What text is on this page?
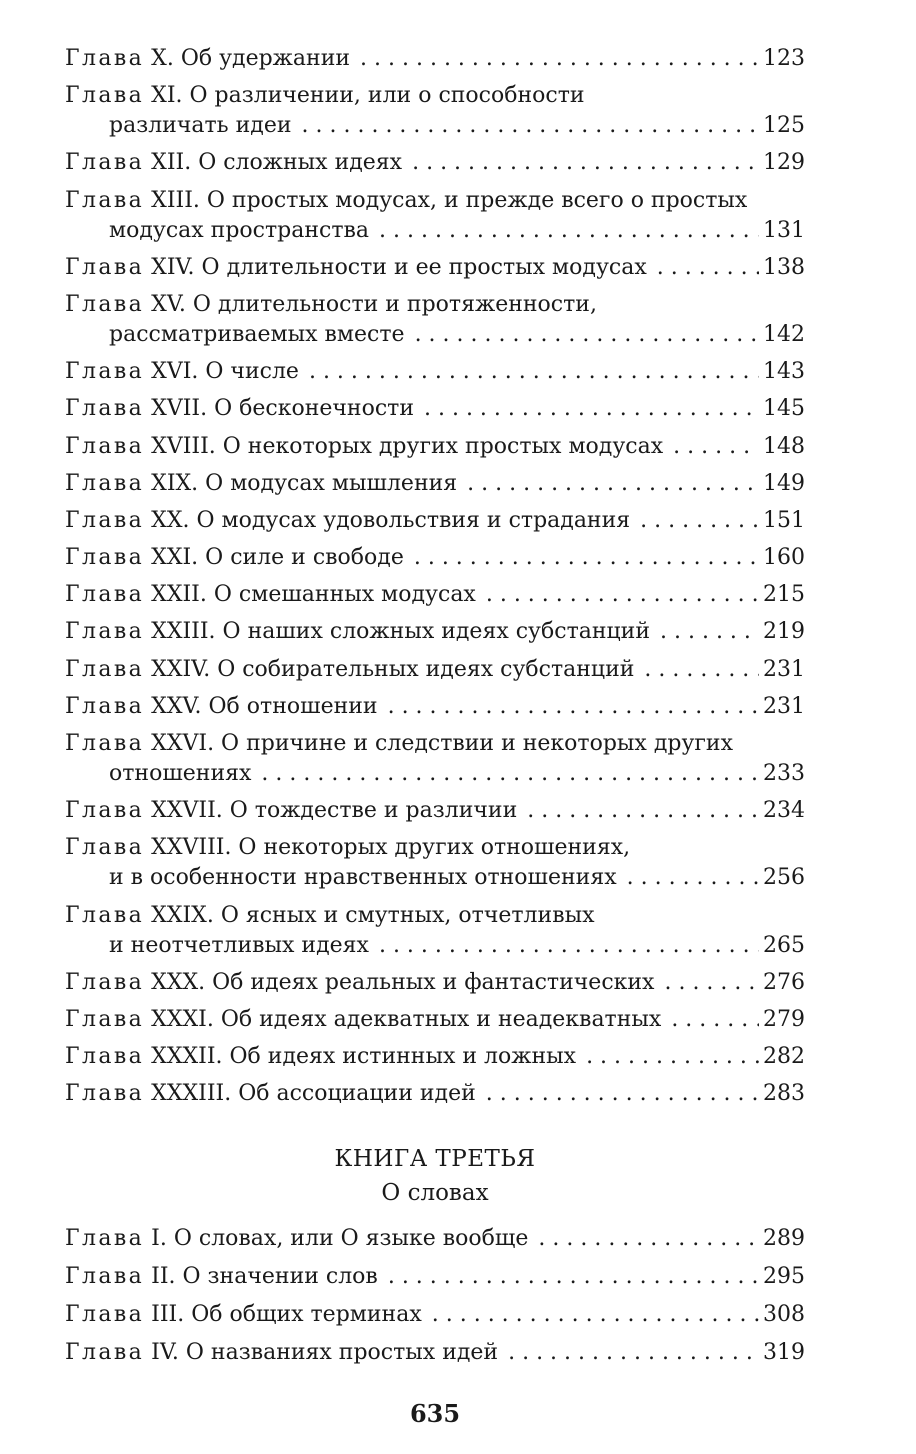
Глава X. Об удержании . . .	123
Глава XI. О различении, или о способности
различать идеи . . .	125
Глава XII. О сложных идеях . . .	129
Глава XIII. О простых модусах, и прежде всего о простых
модусах пространства . . .	131
Глава XIV. О длительности и ее простых модусах . . .	138
Глава XV. О длительности и протяженности,
рассматриваемых вместе . . .	142
Глава XVI. О числе . . .	143
Глава XVII. О бесконечности . . .	145
Глава XVIII. О некоторых других простых модусах . . .	148
Глава XIX. О модусах мышления . . .	149
Глава XX. О модусах удовольствия и страдания . . .	151
Глава XXI. О силе и свободе . . .	160
Глава XXII. О смешанных модусах . . .	215
Глава XXIII. О наших сложных идеях субстанций . . .	219
Глава XXIV. О собирательных идеях субстанций . . .	231
Глава XXV. Об отношении . . .	231
Глава XXVI. О причине и следствии и некоторых других
отношениях . . .	233
Глава XXVII. О тождестве и различии . . .	234
Глава XXVIII. О некоторых других отношениях,
и в особенности нравственных отношениях . . .	256
Глава XXIX. О ясных и смутных, отчетливых
и неотчетливых идеях . . .	265
Глава XXX. Об идеях реальных и фантастических . . .	276
Глава XXXI. Об идеях адекватных и неадекватных . . .	279
Глава XXXII. Об идеях истинных и ложных . . .	282
Глава XXXIII. Об ассоциации идей . . .	283
КНИГА ТРЕТЬЯ
О словах
Глава I. О словах, или О языке вообще . . .	289
Глава II. О значении слов . . .	295
Глава III. Об общих терминах . . .	308
Глава IV. О названиях простых идей . . .	319
635
